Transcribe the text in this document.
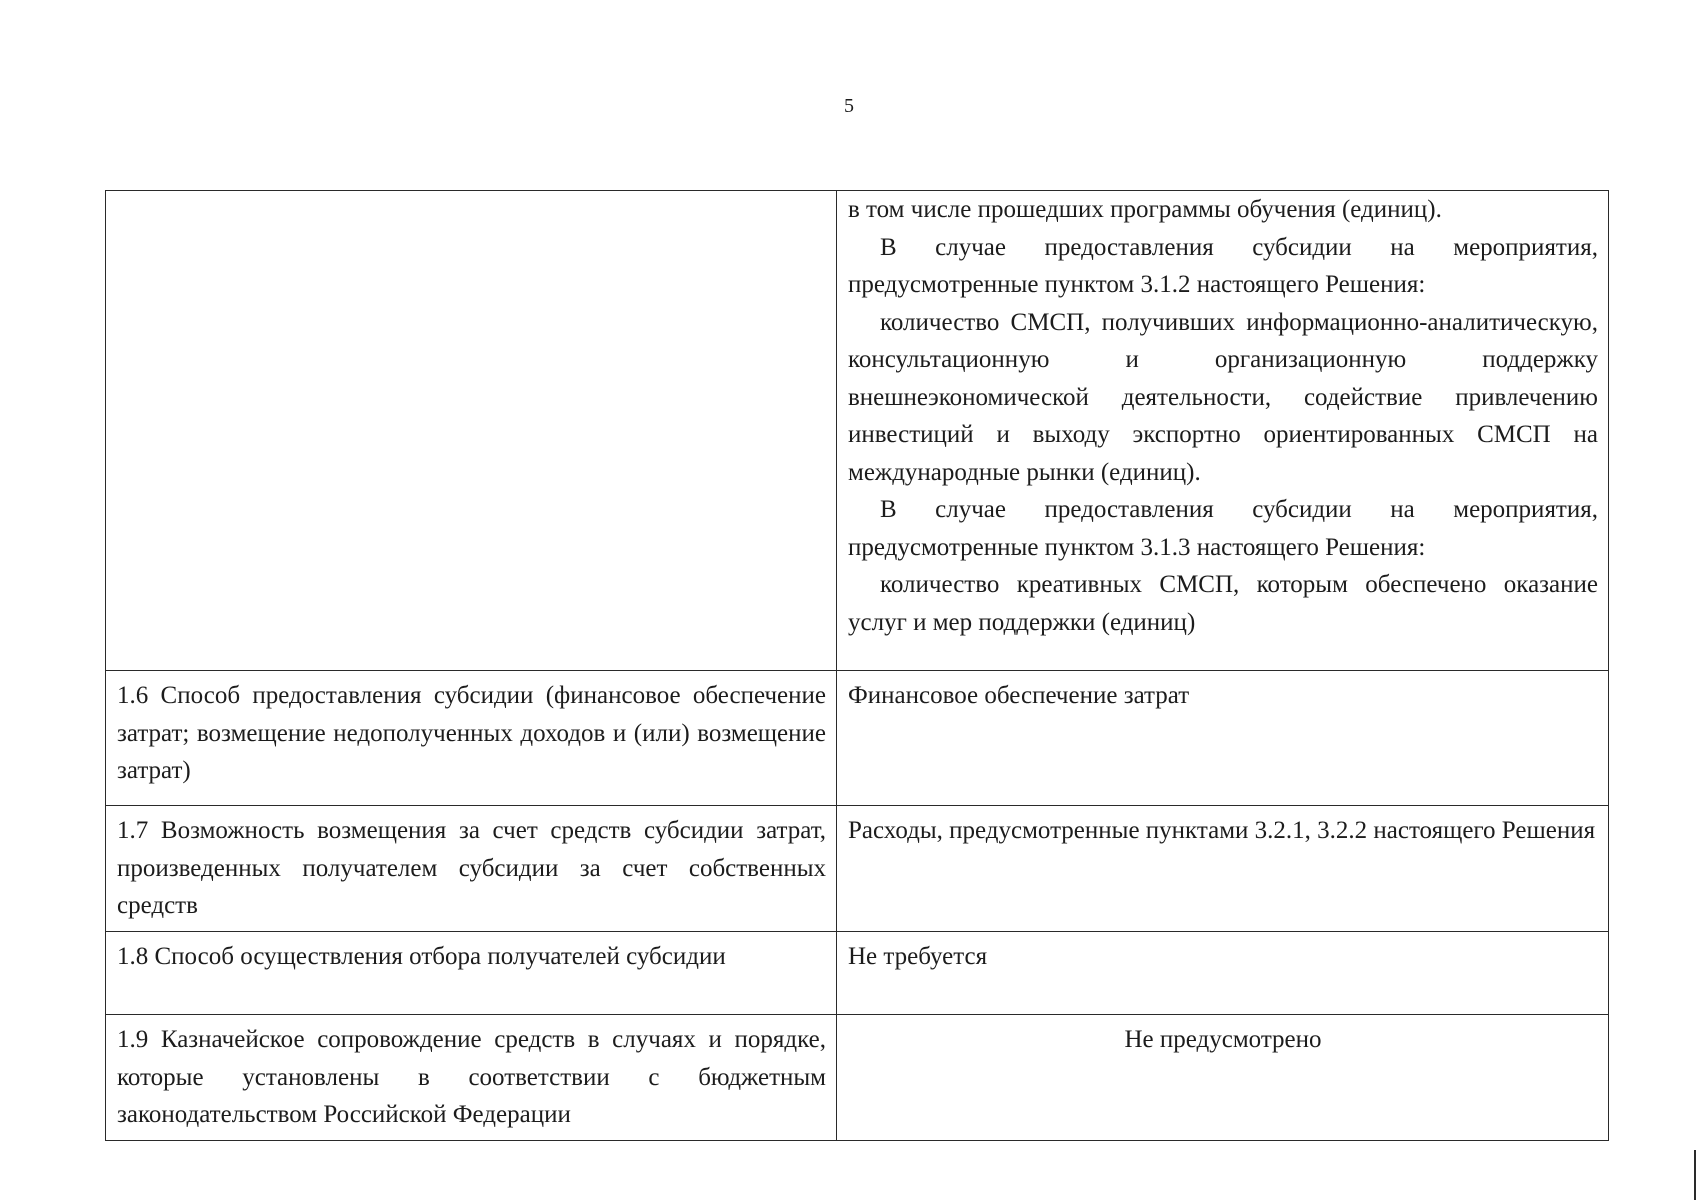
5

	в том числе прошедших программы обучения (единиц).

В случае предоставления субсидии на мероприятия, предусмотренные пунктом 3.1.2 настоящего Решения:

количество СМСП, получивших информационно-аналитическую, консультационную и организационную поддержку внешнеэкономической деятельности, содействие привлечению инвестиций и выходу экспортно ориентированных СМСП на международные рынки (единиц).

В случае предоставления субсидии на мероприятия, предусмотренные пунктом 3.1.3 настоящего Решения:

количество креативных СМСП, которым обеспечено оказание услуг и мер поддержки (единиц)

1.6 Способ предоставления субсидии (финансовое обеспечение затрат; возмещение недополученных доходов и (или) возмещение затрат)	Финансовое обеспечение затрат
1.7 Возможность возмещения за счет средств субсидии затрат, произведенных получателем субсидии за счет собственных средств	Расходы, предусмотренные пунктами 3.2.1, 3.2.2 настоящего Решения
1.8 Способ осуществления отбора получателей субсидии	Не требуется
1.9 Казначейское сопровождение средств в случаях и порядке, которые установлены в соответствии с бюджетным законодательством Российской Федерации	Не предусмотрено
